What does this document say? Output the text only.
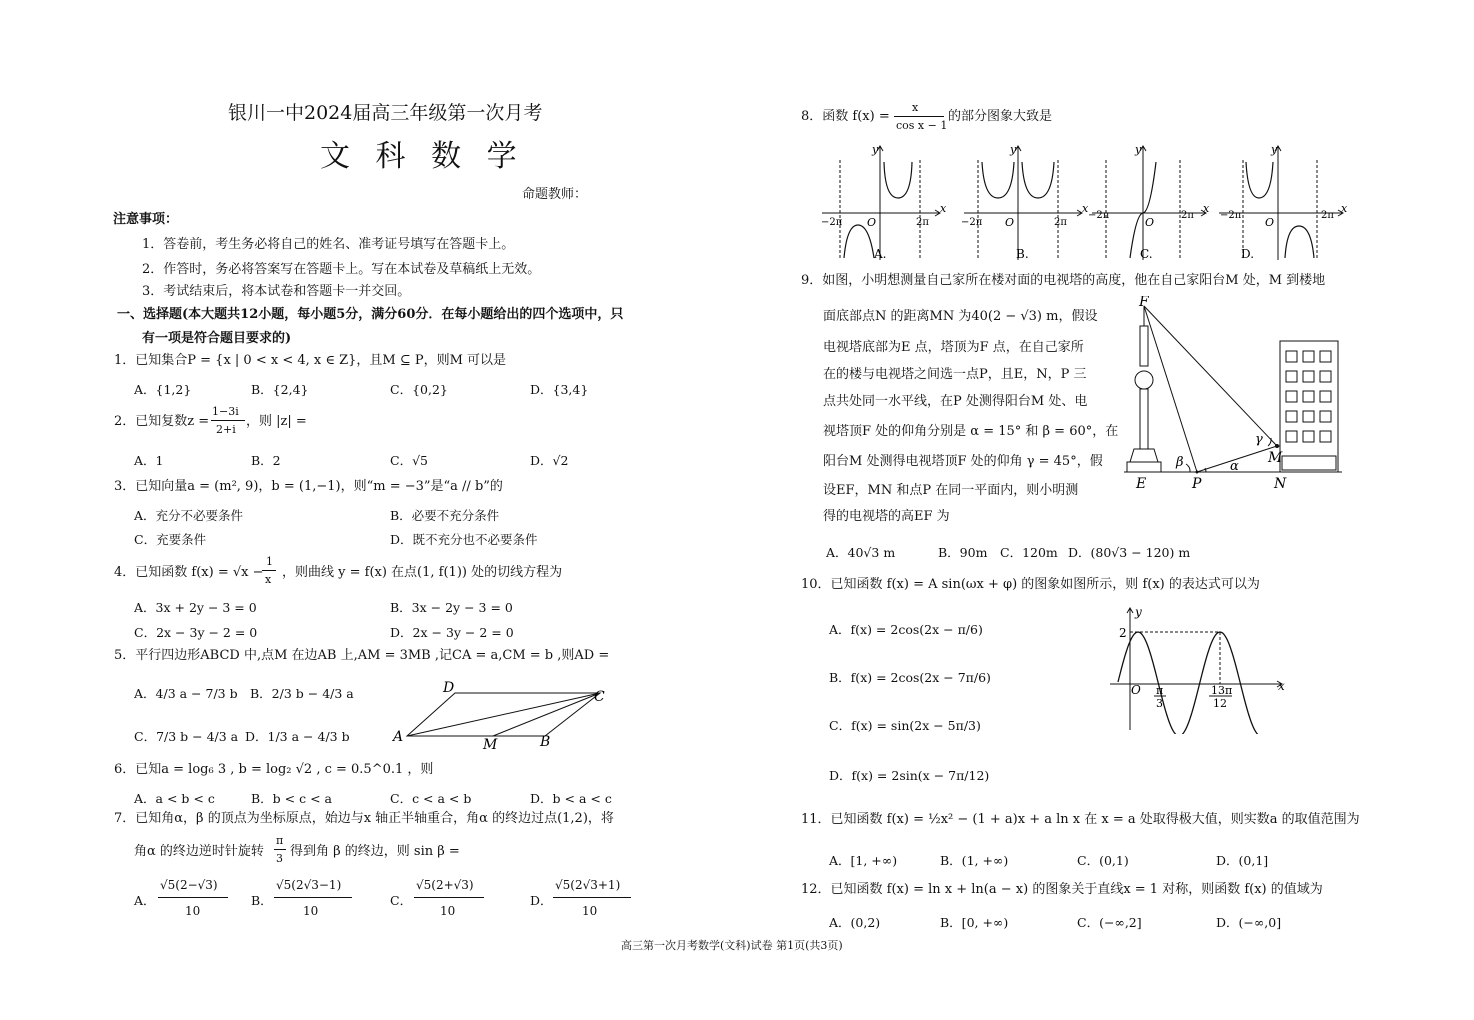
银川一中2024届高三年级第一次月考
文 科 数 学
命题教师：
注意事项：
1．答卷前，考生务必将自己的姓名、准考证号填写在答题卡上。
2．作答时，务必将答案写在答题卡上。写在本试卷及草稿纸上无效。
3．考试结束后，将本试卷和答题卡一并交回。
一、选择题(本大题共12小题，每小题5分，满分60分．在每小题给出的四个选项中，只
有一项是符合题目要求的)
1．已知集合P = {x | 0 < x < 4, x ∈ Z}，且M ⊆ P，则M 可以是
A．{1,2}	B．{2,4}	C．{0,2}	D．{3,4}
2．已知复数z =
1−3i
2+i
，则 |z| =
A．1	B．2	C．√5	D．√2
3．已知向量a = (m², 9)，b = (1,−1)，则“m = −3”是“a // b”的
A．充分不必要条件	B．必要不充分条件
C．充要条件	D．既不充分也不必要条件
4．已知函数 f(x) = √x −
1
x ，则曲线 y = f(x) 在点(1, f(1)) 处的切线方程为
A．3x + 2y − 3 = 0	B．3x − 2y − 3 = 0
C．2x − 3y − 2 = 0	D．2x − 3y − 2 = 0
5．平行四边形ABCD 中,点M 在边AB 上,AM = 3MB ,记CA = a,CM = b ,则AD =
A．4/3 a − 7/3 b B．2/3 b − 4/3 a
C．7/3 b − 4/3 a D．1/3 a − 4/3 b	A	B
C
D
M
6．已知a = log₆ 3 , b = log₂ √2 , c = 0.5^0.1 ，则
A．a < b < c	B．b < c < a	C．c < a < b	D．b < a < c
7．已知角α，β 的顶点为坐标原点，始边与x 轴正半轴重合，角α 的终边过点(1,2)，将
角α 的终边逆时针旋转
π
3 得到角 β 的终边，则 sin β =
A．
√5(2−√3)
10
B．
√5(2√3−1)
10
C．
√5(2+√3)
10
D．
√5(2√3+1)
10
8．函数 f(x) =
x
cos x − 1
的部分图象大致是
y
x
O
−2π	2π
A.
y
x
O
−2π	2π
B.
y
x
O
−2π	2π
C.
y
x
O
−2π	2π
D.
9．如图，小明想测量自己家所在楼对面的电视塔的高度，他在自己家阳台M 处，M 到楼地
面底部点N 的距离MN 为40(2 − √3) m，假设
电视塔底部为E 点，塔顶为F 点，在自己家所
在的楼与电视塔之间选一点P，且E，N，P 三
点共处同一水平线，在P 处测得阳台M 处、电
视塔顶F 处的仰角分别是 α = 15° 和 β = 60°，在
阳台M 处测得电视塔顶F 处的仰角 γ = 45°，假
设EF，MN 和点P 在同一平面内，则小明测
得的电视塔的高EF 为
A．40√3 m	B．90m C．120m D．(80√3 − 120) m
F
E	P	N
M
α
β
γ
10．已知函数 f(x) = A sin(ωx + φ) 的图象如图所示，则 f(x) 的表达式可以为
A．f(x) = 2cos(2x − π/6)
B．f(x) = 2cos(2x − 7π/6)
C．f(x) = sin(2x − 5π/3)
D．f(x) = 2sin(x − 7π/12)
y
x
2
O π
3
13π
12
11．已知函数 f(x) = ½x² − (1 + a)x + a ln x 在 x = a 处取得极大值，则实数a 的取值范围为
A．[1, +∞)	B．(1, +∞)	C．(0,1)	D．(0,1]
12．已知函数 f(x) = ln x + ln(a − x) 的图象关于直线x = 1 对称，则函数 f(x) 的值域为
A．(0,2)	B．[0, +∞)	C．(−∞,2]	D．(−∞,0]
高三第一次月考数学(文科)试卷 第1页(共3页)
